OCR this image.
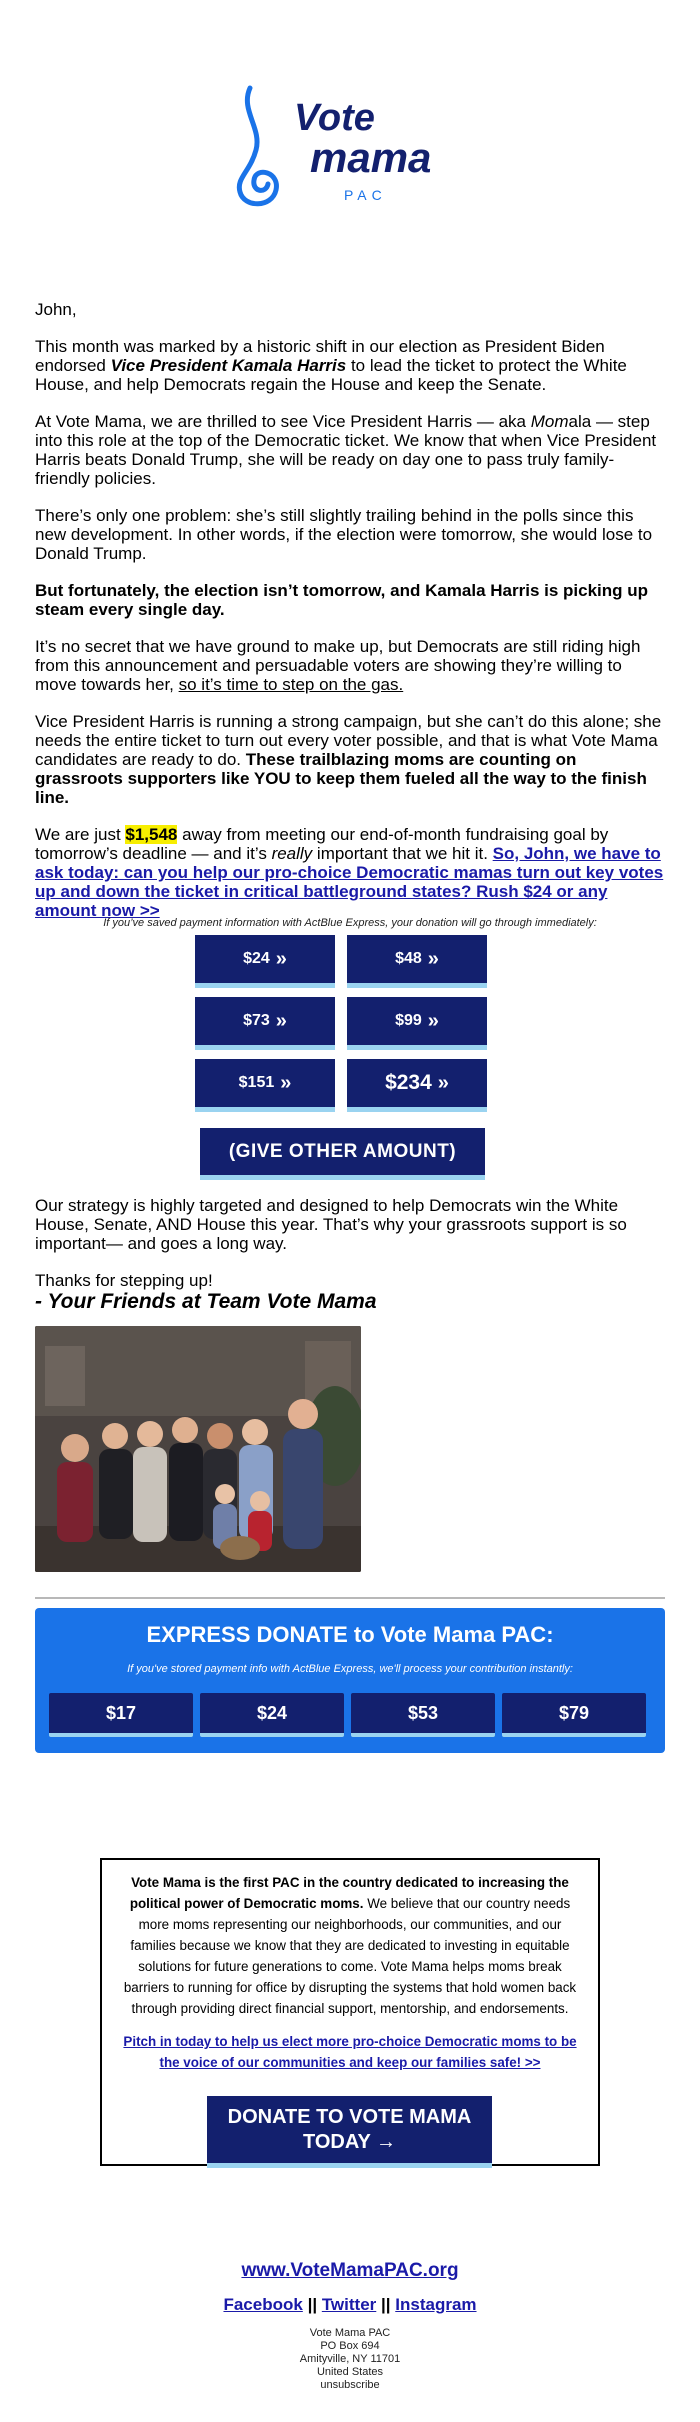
Vote
mama
PAC

John,

This month was marked by a historic shift in our election as President Biden endorsed Vice President Kamala Harris to lead the ticket to protect the White House, and help Democrats regain the House and keep the Senate.

At Vote Mama, we are thrilled to see Vice President Harris — aka Momala — step into this role at the top of the Democratic ticket. We know that when Vice President Harris beats Donald Trump, she will be ready on day one to pass truly family-friendly policies.

There’s only one problem: she’s still slightly trailing behind in the polls since this new development. In other words, if the election were tomorrow, she would lose to Donald Trump.

But fortunately, the election isn’t tomorrow, and Kamala Harris is picking up steam every single day.

It’s no secret that we have ground to make up, but Democrats are still riding high from this announcement and persuadable voters are showing they’re willing to move towards her, so it’s time to step on the gas.

Vice President Harris is running a strong campaign, but she can’t do this alone; she needs the entire ticket to turn out every voter possible, and that is what Vote Mama candidates are ready to do. These trailblazing moms are counting on grassroots supporters like YOU to keep them fueled all the way to the finish line.

We are just $1,548 away from meeting our end-of-month fundraising goal by tomorrow’s deadline — and it’s really important that we hit it. So, John, we have to ask today: can you help our pro-choice Democratic mamas turn out key votes up and down the ticket in critical battleground states? Rush $24 or any amount now >>

If you’ve saved payment information with ActBlue Express, your donation will go through immediately:
$24 »	$48 »
$73 »	$99 »
$151 »	$234 »
(GIVE OTHER AMOUNT)

Our strategy is highly targeted and designed to help Democrats win the White House, Senate, AND House this year. That’s why your grassroots support is so important— and goes a long way.

Thanks for stepping up!

- Your Friends at Team Vote Mama

EXPRESS DONATE to Vote Mama PAC:
If you've stored payment info with ActBlue Express, we'll process your contribution instantly:
$17	$24	$53	$79

Vote Mama is the first PAC in the country dedicated to increasing the political power of Democratic moms. We believe that our country needs more moms representing our neighborhoods, our communities, and our families because we know that they are dedicated to investing in equitable solutions for future generations to come. Vote Mama helps moms break barriers to running for office by disrupting the systems that hold women back through providing direct financial support, mentorship, and endorsements.

Pitch in today to help us elect more pro-choice Democratic moms to be the voice of our communities and keep our families safe! >>
DONATE TO VOTE MAMA TODAY →
www.VoteMamaPAC.org
Facebook || Twitter || Instagram
Vote Mama PAC
PO Box 694
Amityville, NY 11701
United States
unsubscribe
